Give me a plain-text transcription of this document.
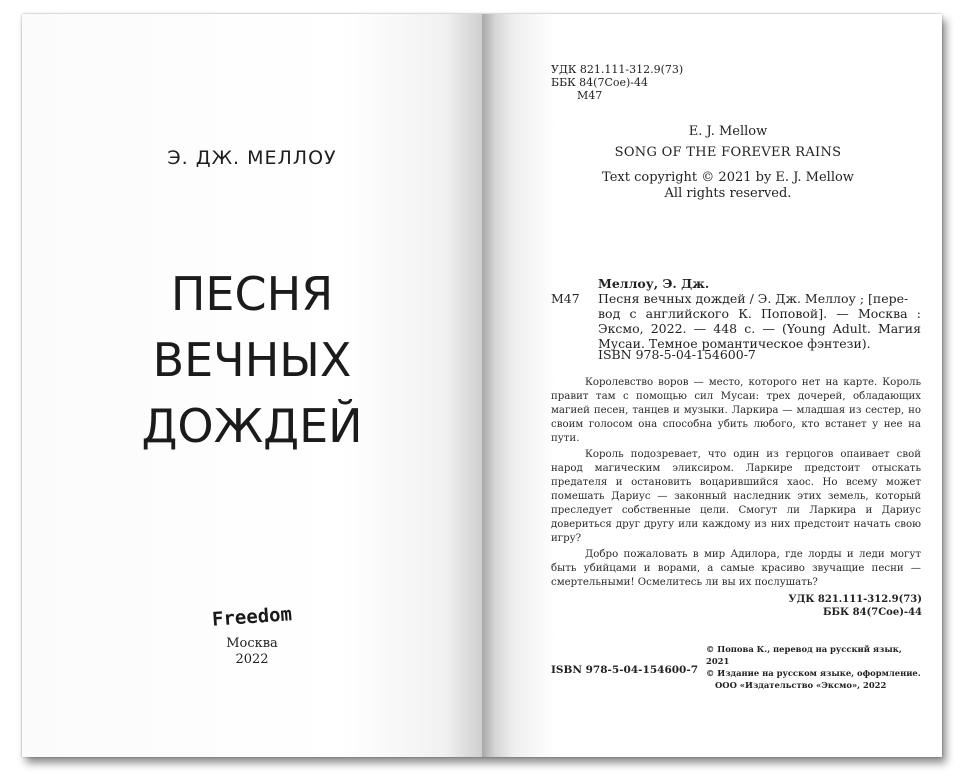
Э. ДЖ. МЕЛЛОУ
ПЕСНЯ
ВЕЧНЫХ
ДОЖДЕЙ
Freedom
Москва
2022
УДК 821.111-312.9(73)
ББК 84(7Сое)-44
М47
E. J. Mellow
SONG OF THE FOREVER RAINS
Text copyright © 2021 by E. J. Mellow
All rights reserved.
Меллоу, Э. Дж.
М47	Песня вечных дождей / Э. Дж. Меллоу ; [пере-
вод с английского К. Поповой]. — Москва : Эксмо, 2022. — 448 с. — (Young Adult. Магия Мусаи. Темное романтическое фэнтези).
ISBN 978-5-04-154600-7

Королевство воров — место, которого нет на карте. Король правит там с помощью сил Мусаи: трех дочерей, обладающих магией песен, танцев и музыки. Ларкира — младшая из сестер, но своим голосом она способна убить любого, кто встанет у нее на пути.

Король подозревает, что один из герцогов опаивает свой народ магическим эликсиром. Ларкире предстоит отыскать предателя и остановить воцарившийся хаос. Но всему может помешать Дариус — законный наследник этих земель, который преследует собственные цели. Смогут ли Ларкира и Дариус довериться друг другу или каждому из них предстоит начать свою игру?

Добро пожаловать в мир Адилора, где лорды и леди могут быть убийцами и ворами, а самые красиво звучащие песни — смертельными! Осмелитесь ли вы их послушать?

УДК 821.111-312.9(73)
ББК 84(7Сое)-44
ISBN 978-5-04-154600-7
© Попова К., перевод на русский язык, 2021
© Издание на русском языке, оформление.
ООО «Издательство «Эксмо», 2022
